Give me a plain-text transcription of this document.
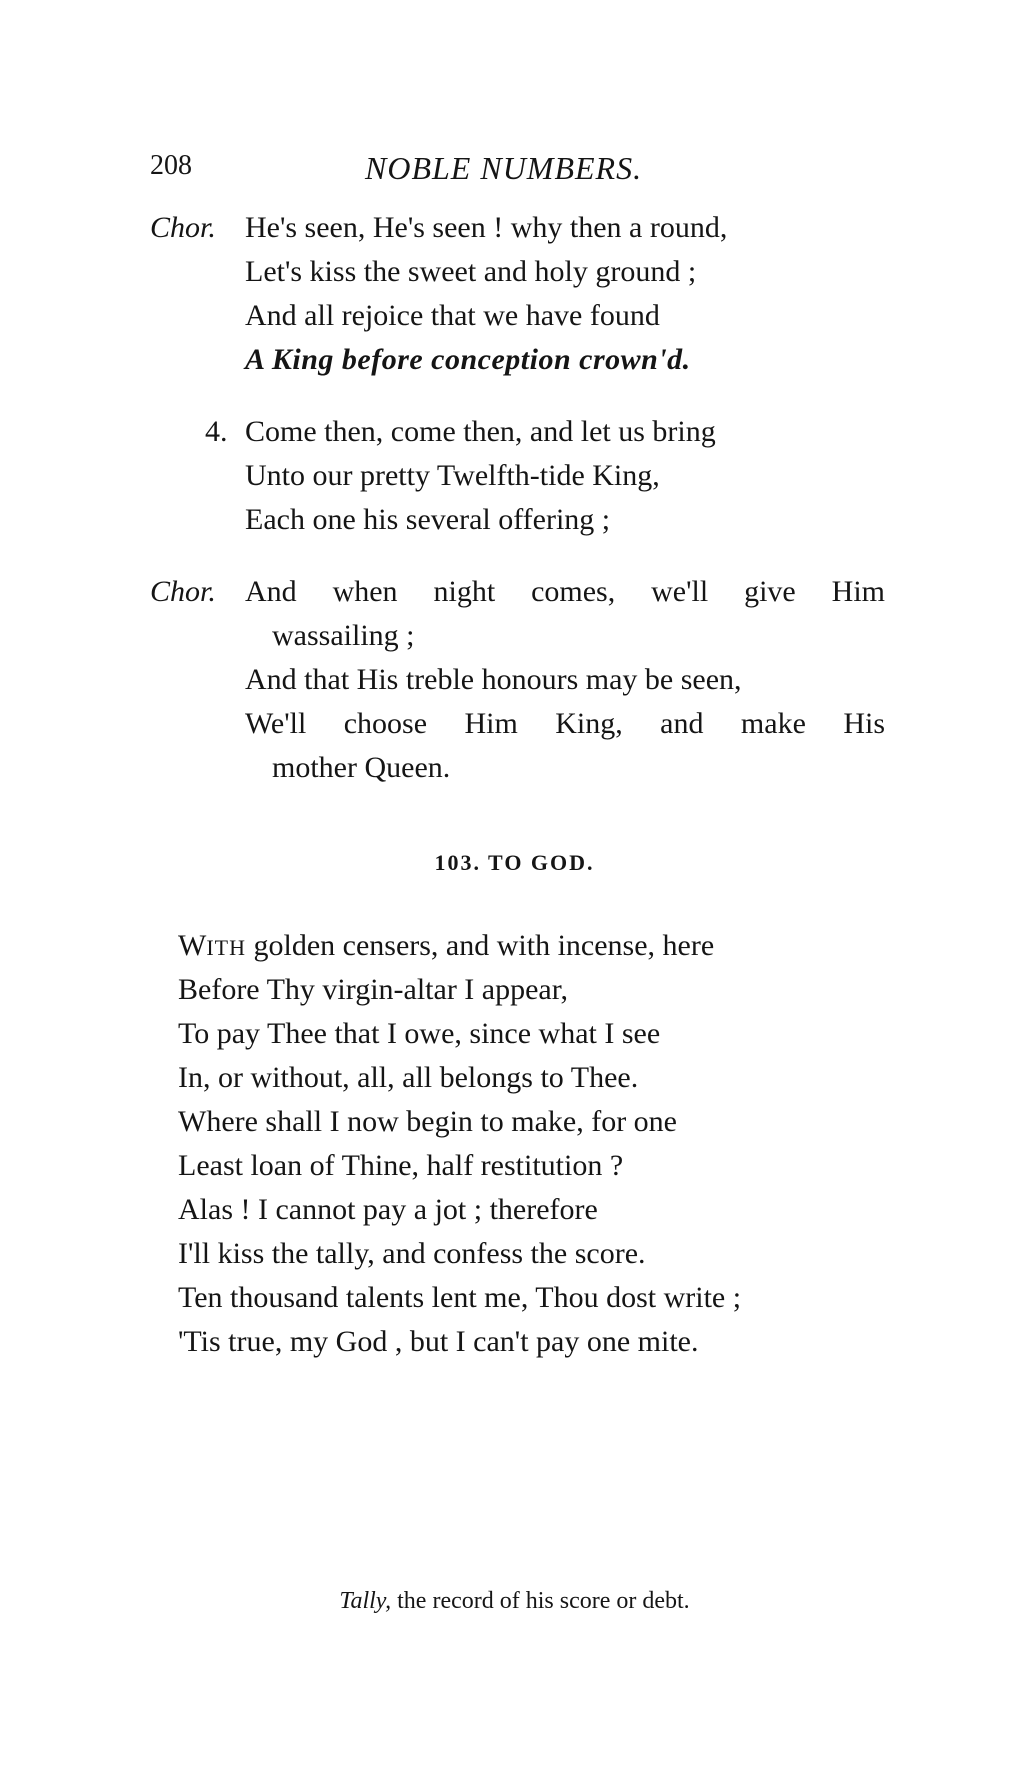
208	NOBLE NUMBERS.
Chor. He's seen, He's seen ! why then a round,
Let's kiss the sweet and holy ground ;
And all rejoice that we have found
A King before conception crown'd.
4. Come then, come then, and let us bring
Unto our pretty Twelfth-tide King,
Each one his several offering ;
Chor. And when night comes, we'll give Him
wassailing ;
And that His treble honours may be seen,
We'll choose Him King, and make His
mother Queen.
103. TO GOD.
WITH golden censers, and with incense, here
Before Thy virgin-altar I appear,
To pay Thee that I owe, since what I see
In, or without, all, all belongs to Thee.
Where shall I now begin to make, for one
Least loan of Thine, half restitution ?
Alas ! I cannot pay a jot ; therefore
I'll kiss the tally, and confess the score.
Ten thousand talents lent me, Thou dost write ;
'Tis true, my God , but I can't pay one mite.
Tally, the record of his score or debt.
